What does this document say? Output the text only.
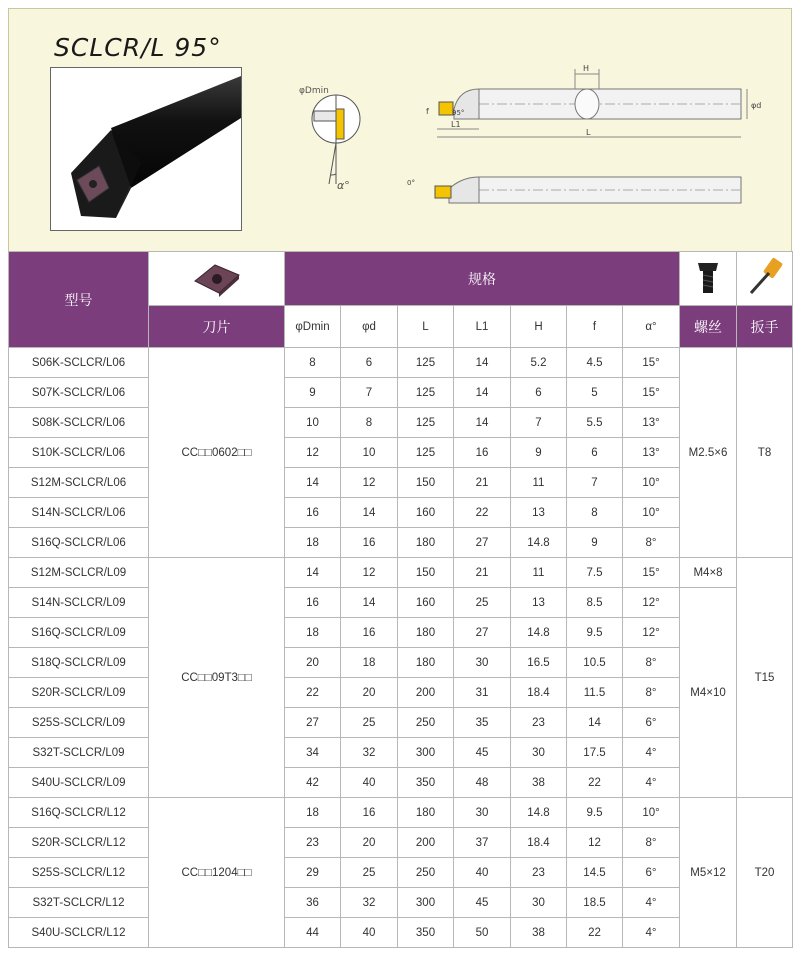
SCLCR/L 95°
φDmin
α°
H
φd
f	95°
L1
L
0°
型号		规格		
	刀片	φDmin	φd	L	L1	H	f	α°	螺丝	扳手
S06K-SCLCR/L06	CC□□0602□□	8	6	125	14	5.2	4.5	15°	M2.5×6	T8
S07K-SCLCR/L06		9	7	125	14	6	5	15°		
S08K-SCLCR/L06		10	8	125	14	7	5.5	13°		
S10K-SCLCR/L06		12	10	125	16	9	6	13°		
S12M-SCLCR/L06		14	12	150	21	11	7	10°		
S14N-SCLCR/L06		16	14	160	22	13	8	10°		
S16Q-SCLCR/L06		18	16	180	27	14.8	9	8°		
S12M-SCLCR/L09	CC□□09T3□□	14	12	150	21	11	7.5	15°	M4×8	T15
S14N-SCLCR/L09		16	14	160	25	13	8.5	12°	M4×10	
S16Q-SCLCR/L09		18	16	180	27	14.8	9.5	12°		
S18Q-SCLCR/L09		20	18	180	30	16.5	10.5	8°		
S20R-SCLCR/L09		22	20	200	31	18.4	11.5	8°		
S25S-SCLCR/L09		27	25	250	35	23	14	6°		
S32T-SCLCR/L09		34	32	300	45	30	17.5	4°		
S40U-SCLCR/L09		42	40	350	48	38	22	4°		
S16Q-SCLCR/L12	CC□□1204□□	18	16	180	30	14.8	9.5	10°	M5×12	T20
S20R-SCLCR/L12		23	20	200	37	18.4	12	8°		
S25S-SCLCR/L12		29	25	250	40	23	14.5	6°		
S32T-SCLCR/L12		36	32	300	45	30	18.5	4°		
S40U-SCLCR/L12		44	40	350	50	38	22	4°		
